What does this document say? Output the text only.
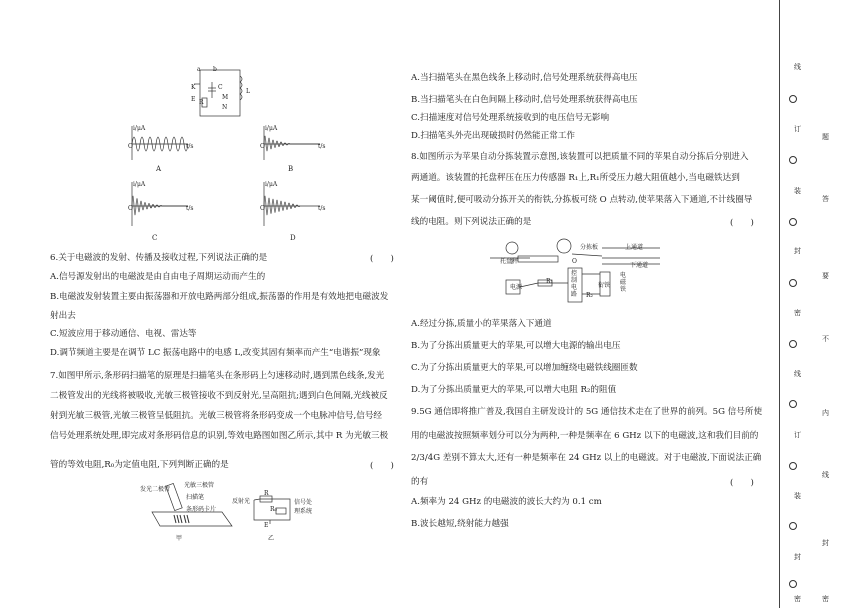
a b
K
E R
C
L
M
N
i/μA
O	t/s
A
i/μA
O	t/s
B
i/μA
O	t/s
C
i/μA
O	t/s
D
6.关于电磁波的发射、传播及接收过程,下列说法正确的是	(　　)
A.信号源发射出的电磁波是由自由电子周期运动而产生的
B.电磁波发射装置主要由振荡器和开放电路两部分组成,振荡器的作用是有效地把电磁波发
射出去
C.短波应用于移动通信、电视、雷达等
D.调节频道主要是在调节 LC 振荡电路中的电感 L,改变其固有频率而产生“电谐振”现象
7.如图甲所示,条形码扫描笔的原理是扫描笔头在条形码上匀速移动时,遇到黑色线条,发光
二极管发出的光线将被吸收,光敏三极管接收不到反射光,呈高阻抗;遇到白色间隔,光线被反
射到光敏三极管,光敏三极管呈低阻抗。光敏三极管将条形码变成一个电脉冲信号,信号经
信号处理系统处理,即完成对条形码信息的识别,等效电路图如图乙所示,其中 R 为光敏三极
管的等效电阻,R₀为定值电阻,下列判断正确的是	(　　)
发光二极管
光敏三极管
扫描笔
条形码卡片
甲
反射光
R
R₀
E
信号处理系统
乙
A.当扫描笔头在黑色线条上移动时,信号处理系统获得高电压
B.当扫描笔头在白色间隔上移动时,信号处理系统获得高电压
C.扫描速度对信号处理系统接收到的电压信号无影响
D.扫描笔头外壳出现破损时仍然能正常工作
8.如图所示为苹果自动分拣装置示意图,该装置可以把质量不同的苹果自动分拣后分别进入
两通道。该装置的托盘秤压在压力传感器 R₁上,R₁所受压力越大阻值越小,当电磁铁达到
某一阈值时,便可吸动分拣开关的衔铁,分拣板可绕 O 点转动,使苹果落入下通道,不计线圈导
线的电阻。则下列说法正确的是	(　　)
托盘秤
分拣板	上通道
下通道
O
电源
控制电路
电磁铁
R₁
R₂
衔铁
A.经过分拣,质量小的苹果落入下通道
B.为了分拣出质量更大的苹果,可以增大电源的输出电压
C.为了分拣出质量更大的苹果,可以增加缠绕电磁铁线圈匝数
D.为了分拣出质量更大的苹果,可以增大电阻 R₂的阻值
9.5G 通信即将推广普及,我国自主研发设计的 5G 通信技术走在了世界的前列。5G 信号所使
用的电磁波按照频率划分可以分为两种,一种是频率在 6 GHz 以下的电磁波,这和我们目前的
2/3/4G 差别不算太大,还有一种是频率在 24 GHz 以上的电磁波。对于电磁波,下面说法正确
的有	(　　)
A.频率为 24 GHz 的电磁波的波长大约为 0.1 cm
B.波长越短,绕射能力越强
线
订
装
封
密
线
订
装
封
密
题
答
要
不
内
线
封
密
